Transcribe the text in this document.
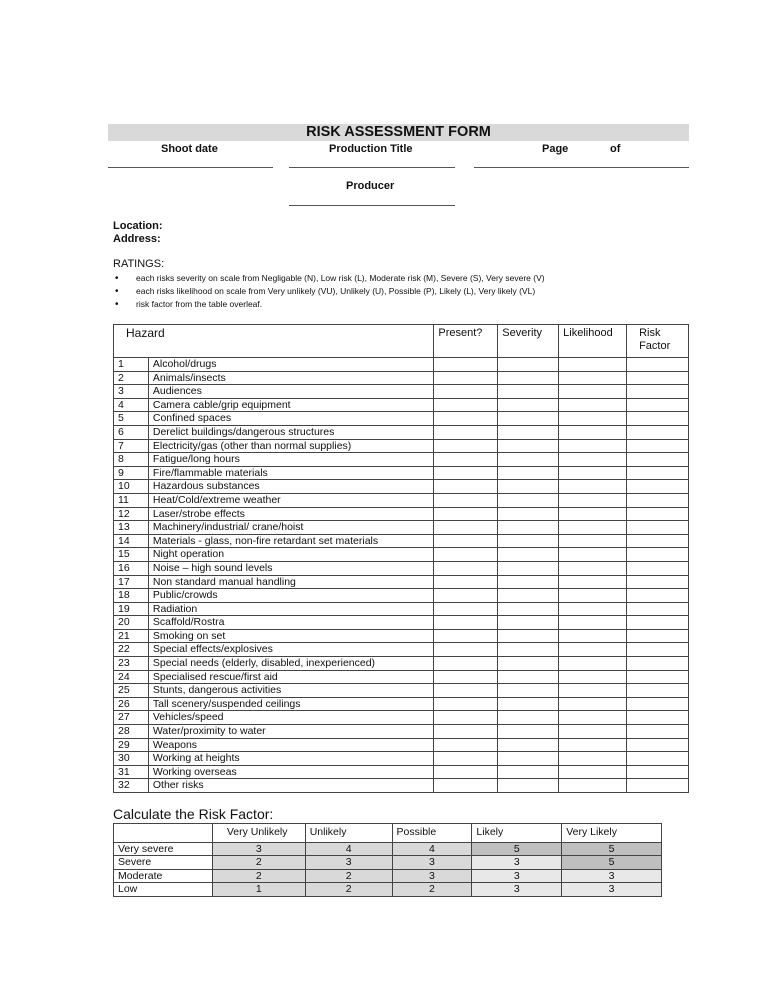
RISK ASSESSMENT FORM
Shoot date	Production Title	Page	of
Producer
Location:
Address:
RATINGS:
• each risks severity on scale from Negligable (N), Low risk (L), Moderate risk (M), Severe (S), Very severe (V)
• each risks likelihood on scale from Very unlikely (VU), Unlikely (U), Possible (P), Likely (L), Very likely (VL)
• risk factor from the table overleaf.
Hazard		Present?	Severity	Likelihood	Risk
Factor
1	Alcohol/drugs				
2	Animals/insects				
3	Audiences				
4	Camera cable/grip equipment				
5	Confined spaces				
6	Derelict buildings/dangerous structures				
7	Electricity/gas (other than normal supplies)				
8	Fatigue/long hours				
9	Fire/flammable materials				
10	Hazardous substances				
11	Heat/Cold/extreme weather				
12	Laser/strobe effects				
13	Machinery/industrial/ crane/hoist				
14	Materials - glass, non-fire retardant set materials				
15	Night operation				
16	Noise – high sound levels				
17	Non standard manual handling				
18	Public/crowds				
19	Radiation				
20	Scaffold/Rostra				
21	Smoking on set				
22	Special effects/explosives				
23	Special needs (elderly, disabled, inexperienced)				
24	Specialised rescue/first aid				
25	Stunts, dangerous activities				
26	Tall scenery/suspended ceilings				
27	Vehicles/speed				
28	Water/proximity to water				
29	Weapons				
30	Working at heights				
31	Working overseas				
32	Other risks				
Calculate the Risk Factor:
	Very Unlikely	Unlikely	Possible	Likely	Very Likely
Very severe	3	4	4	5	5
Severe	2	3	3	3	5
Moderate	2	2	3	3	3
Low	1	2	2	3	3
